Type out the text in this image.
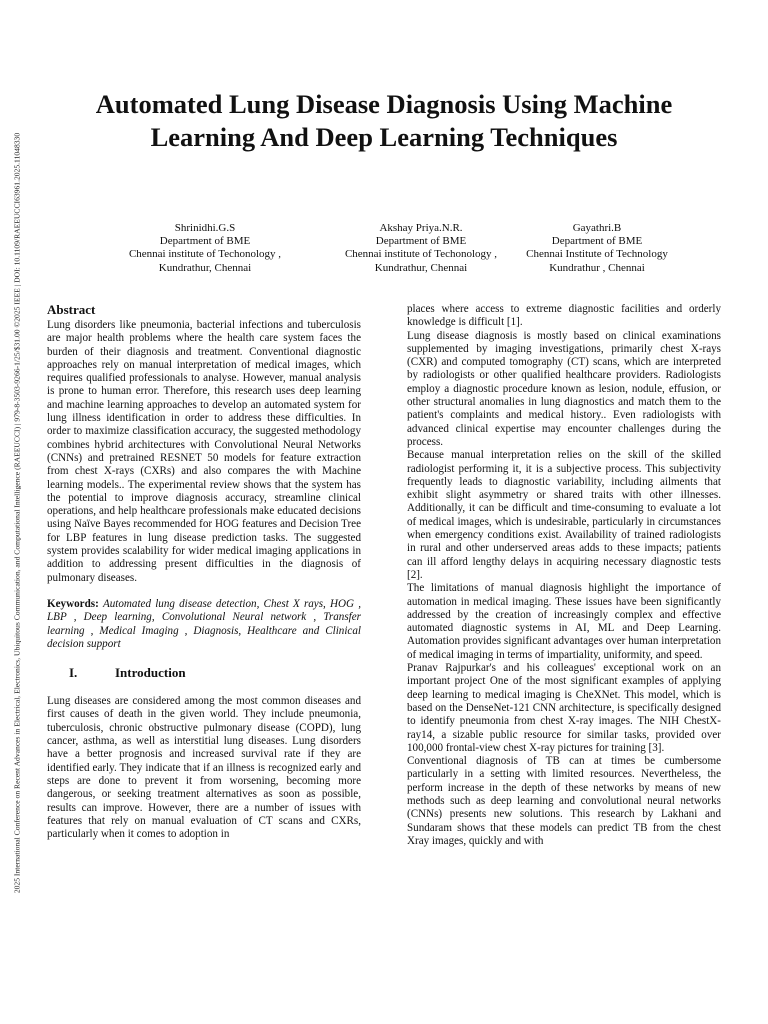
2025 International Conference on Recent Advances in Electrical, Electronics, Ubiquitous Communication, and Computational Intelligence (RAEEUCCI) | 979-8-3503-9266-1/25/$31.00 ©2025 IEEE | DOI: 10.1109/RAEEUCCI63961.2025.11048330
Automated Lung Disease Diagnosis Using Machine Learning And Deep Learning Techniques
Shrinidhi.G.S
Department of BME
Chennai institute of Techonology ,
Kundrathur, Chennai
Akshay Priya.N.R.
Department of BME
Chennai institute of Techonology ,
Kundrathur, Chennai
Gayathri.B
Department of BME
Chennai Institute of Technology
Kundrathur , Chennai
Abstract

Lung disorders like pneumonia, bacterial infections and tuberculosis are major health problems where the health care system faces the burden of their diagnosis and treatment. Conventional diagnostic approaches rely on manual interpretation of medical images, which requires qualified professionals to analyse. However, manual analysis is prone to human error. Therefore, this research uses deep learning and machine learning approaches to develop an automated system for lung illness identification in order to address these difficulties. In order to maximize classification accuracy, the suggested methodology combines hybrid architectures with Convolutional Neural Networks (CNNs) and pretrained RESNET 50 models for feature extraction from chest X-rays (CXRs) and also compares the with Machine learning models.. The experimental review shows that the system has the potential to improve diagnosis accuracy, streamline clinical operations, and help healthcare professionals make educated decisions using Naïve Bayes recommended for HOG features and Decision Tree for LBP features in lung disease prediction tasks. The suggested system provides scalability for wider medical imaging applications in addition to addressing present difficulties in the diagnosis of pulmonary diseases.

Keywords: Automated lung disease detection, Chest X rays, HOG , LBP , Deep learning, Convolutional Neural network , Transfer learning , Medical Imaging , Diagnosis, Healthcare and Clinical decision support

I.	Introduction

Lung diseases are considered among the most common diseases and first causes of death in the given world. They include pneumonia, tuberculosis, chronic obstructive pulmonary disease (COPD), lung cancer, asthma, as well as interstitial lung diseases. Lung disorders have a better prognosis and increased survival rate if they are identified early. They indicate that if an illness is recognized early and steps are done to prevent it from worsening, becoming more dangerous, or seeking treatment alternatives as soon as possible, results can improve. However, there are a number of issues with features that rely on manual evaluation of CT scans and CXRs, particularly when it comes to adoption in

places where access to extreme diagnostic facilities and orderly knowledge is difficult [1].

Lung disease diagnosis is mostly based on clinical examinations supplemented by imaging investigations, primarily chest X-rays (CXR) and computed tomography (CT) scans, which are interpreted by radiologists or other qualified healthcare providers. Radiologists employ a diagnostic procedure known as lesion, nodule, effusion, or other structural anomalies in lung diagnostics and match them to the patient's complaints and medical history.. Even radiologists with advanced clinical expertise may encounter challenges during the process.

Because manual interpretation relies on the skill of the skilled radiologist performing it, it is a subjective process. This subjectivity frequently leads to diagnostic variability, including ailments that exhibit slight asymmetry or shared traits with other illnesses. Additionally, it can be difficult and time-consuming to evaluate a lot of medical images, which is undesirable, particularly in circumstances when emergency conditions exist. Availability of trained radiologists in rural and other underserved areas adds to these impacts; patients can ill afford lengthy delays in acquiring necessary diagnostic tests [2].

The limitations of manual diagnosis highlight the importance of automation in medical imaging. These issues have been significantly addressed by the creation of increasingly complex and effective automated diagnostic systems in AI, ML and Deep Learning. Automation provides significant advantages over human interpretation of medical imaging in terms of impartiality, uniformity, and speed.

Pranav Rajpurkar's and his colleagues' exceptional work on an important project One of the most significant examples of applying deep learning to medical imaging is CheXNet. This model, which is based on the DenseNet-121 CNN architecture, is specifically designed to identify pneumonia from chest X-ray images. The NIH ChestX-ray14, a sizable public resource for similar tasks, provided over 100,000 frontal-view chest X-ray pictures for training [3].

Conventional diagnosis of TB can at times be cumbersome particularly in a setting with limited resources. Nevertheless, the perform increase in the depth of these networks by means of new methods such as deep learning and convolutional neural networks (CNNs) presents new solutions. This research by Lakhani and Sundaram shows that these models can predict TB from the chest Xray images, quickly and with
